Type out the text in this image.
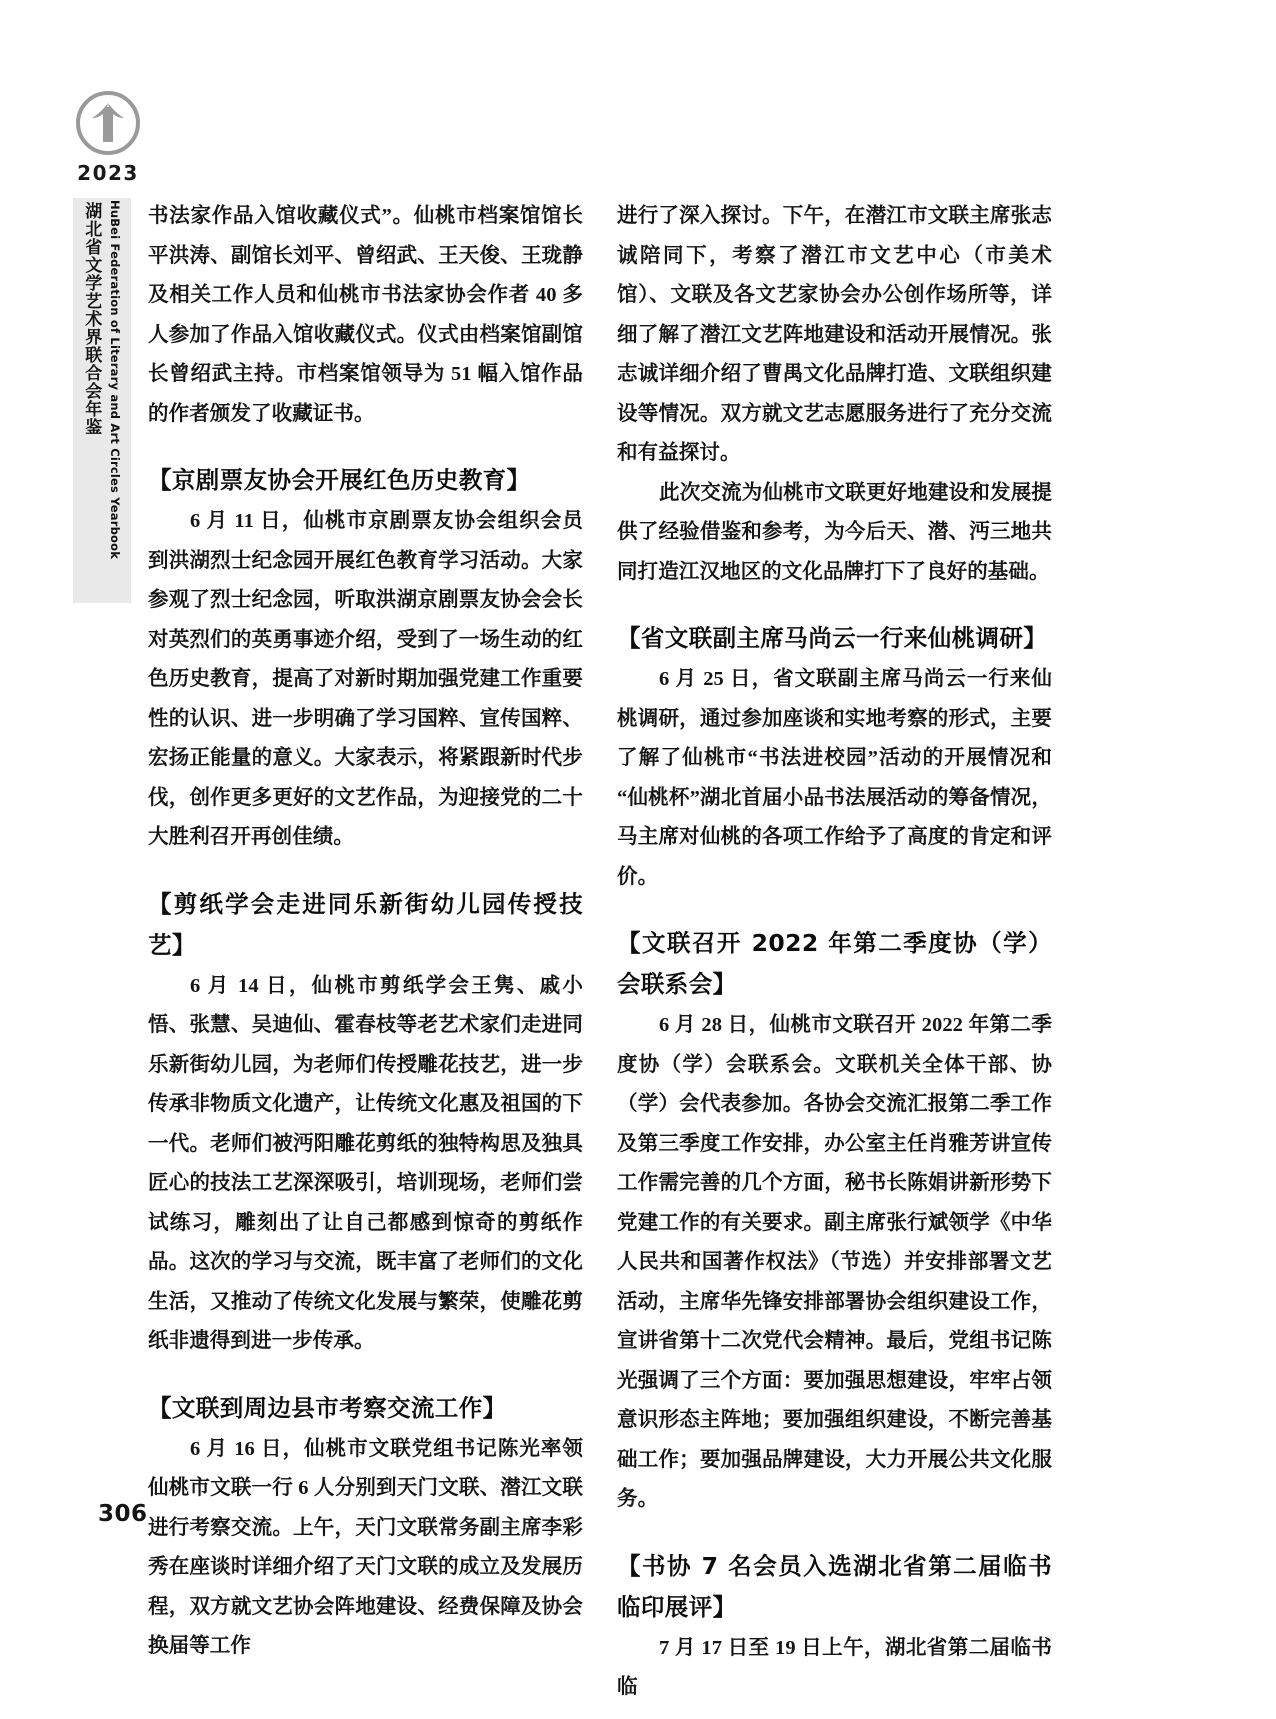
2023
湖北省文学艺术界联合会年鉴 HuBei Federation of Literary and Art Circles Yearbook 书法家作品入馆收藏仪式”。仙桃市档案馆馆长平洪涛、副馆长刘平、曾绍武、王天俊、王珑静及相关工作人员和仙桃市书法家协会作者 40 多人参加了作品入馆收藏仪式。仪式由档案馆副馆长曾绍武主持。市档案馆领导为 51 幅入馆作品的作者颁发了收藏证书。

【京剧票友协会开展红色历史教育】

6 月 11 日，仙桃市京剧票友协会组织会员到洪湖烈士纪念园开展红色教育学习活动。大家参观了烈士纪念园，听取洪湖京剧票友协会会长对英烈们的英勇事迹介绍，受到了一场生动的红色历史教育，提高了对新时期加强党建工作重要性的认识、进一步明确了学习国粹、宣传国粹、宏扬正能量的意义。大家表示，将紧跟新时代步伐，创作更多更好的文艺作品，为迎接党的二十大胜利召开再创佳绩。

【剪纸学会走进同乐新街幼儿园传授技艺】

6 月 14 日，仙桃市剪纸学会王隽、戚小悟、张慧、吴迪仙、霍春枝等老艺术家们走进同乐新街幼儿园，为老师们传授雕花技艺，进一步传承非物质文化遗产，让传统文化惠及祖国的下一代。老师们被沔阳雕花剪纸的独特构思及独具匠心的技法工艺深深吸引，培训现场，老师们尝试练习，雕刻出了让自己都感到惊奇的剪纸作品。这次的学习与交流，既丰富了老师们的文化生活，又推动了传统文化发展与繁荣，使雕花剪纸非遗得到进一步传承。

【文联到周边县市考察交流工作】

6 月 16 日，仙桃市文联党组书记陈光率领仙桃市文联一行 6 人分别到天门文联、潜江文联进行考察交流。上午，天门文联常务副主席李彩秀在座谈时详细介绍了天门文联的成立及发展历程，双方就文艺协会阵地建设、经费保障及协会换届等工作

进行了深入探讨。下午，在潜江市文联主席张志诚陪同下，考察了潜江市文艺中心（市美术馆）、文联及各文艺家协会办公创作场所等，详细了解了潜江文艺阵地建设和活动开展情况。张志诚详细介绍了曹禺文化品牌打造、文联组织建设等情况。双方就文艺志愿服务进行了充分交流和有益探讨。

此次交流为仙桃市文联更好地建设和发展提供了经验借鉴和参考，为今后天、潜、沔三地共同打造江汉地区的文化品牌打下了良好的基础。

【省文联副主席马尚云一行来仙桃调研】

6 月 25 日，省文联副主席马尚云一行来仙桃调研，通过参加座谈和实地考察的形式，主要了解了仙桃市“书法进校园”活动的开展情况和“仙桃杯”湖北首届小品书法展活动的筹备情况，马主席对仙桃的各项工作给予了高度的肯定和评价。

【文联召开 2022 年第二季度协（学）会联系会】

6 月 28 日，仙桃市文联召开 2022 年第二季度协（学）会联系会。文联机关全体干部、协（学）会代表参加。各协会交流汇报第二季工作及第三季度工作安排，办公室主任肖雅芳讲宣传工作需完善的几个方面，秘书长陈娟讲新形势下党建工作的有关要求。副主席张行斌领学《中华人民共和国著作权法》（节选）并安排部署文艺活动，主席华先锋安排部署协会组织建设工作，宣讲省第十二次党代会精神。最后，党组书记陈光强调了三个方面：要加强思想建设，牢牢占领意识形态主阵地；要加强组织建设，不断完善基础工作；要加强品牌建设，大力开展公共文化服务。

【书协 7 名会员入选湖北省第二届临书临印展评】

7 月 17 日至 19 日上午，湖北省第二届临书临

306
